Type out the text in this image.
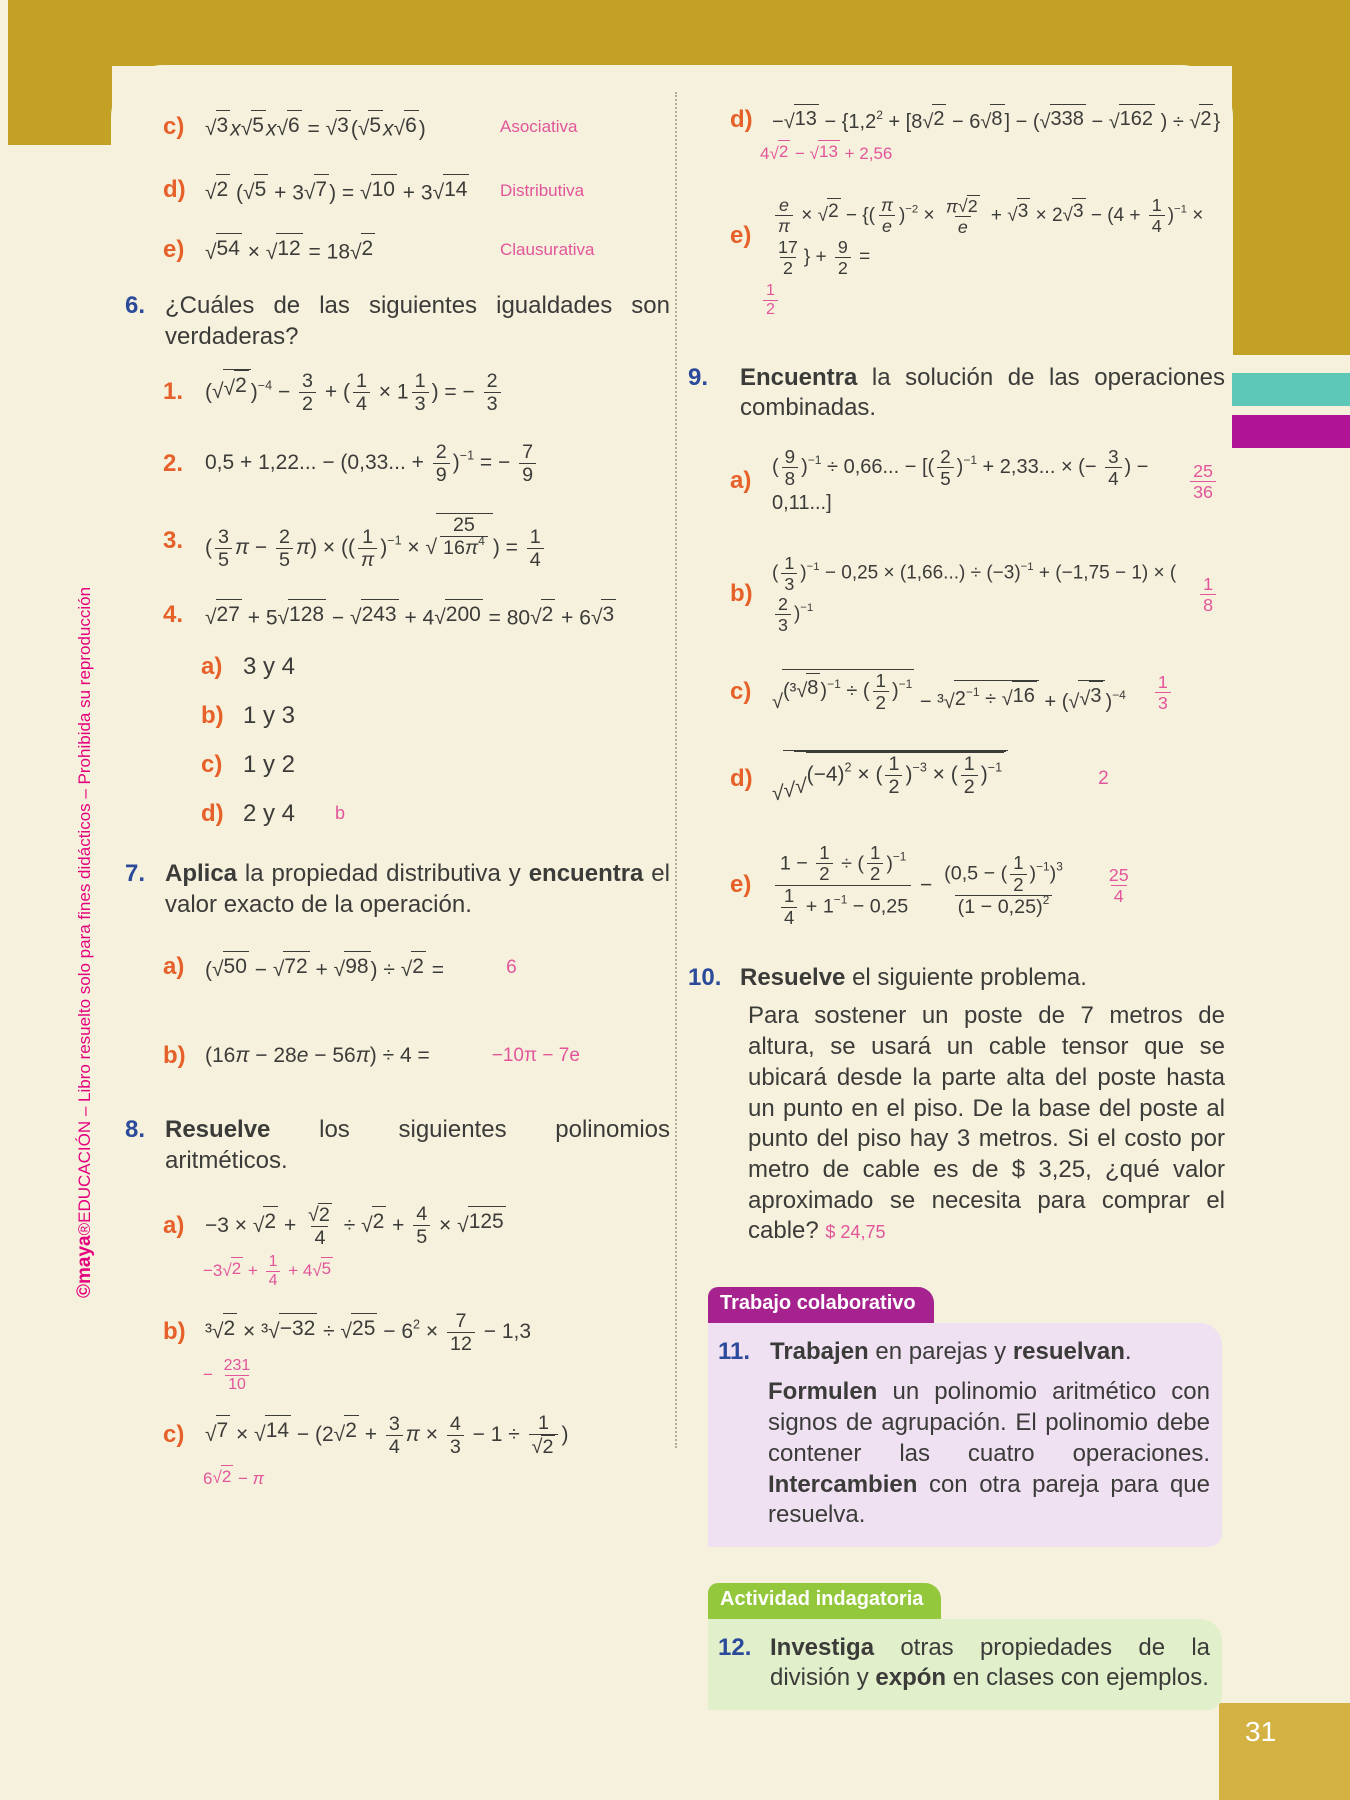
©maya®EDUCACIÓN – Libro resuelto solo para fines didácticos – Prohibida su reproducción
31
c) √ 3 x √ 5 x √ 6 = √ 3 ( √ 5 x √ 6 )	Asociativa
d) √ 2 ( √ 5 + 3 √ 7 ) = √ 10 + 3 √ 14 Distributiva
e) √ 54 × √ 12 = 18 √ 2	Clausurativa
6. ¿Cuáles de las siguientes igualdades son verdaderas?
1.	( √ √ 2 )$^{-4} - \frac{3}{2}$ + ( $\frac{1}{4} \times 1 \frac{1}{3}$ ) = − $\frac{2}{3}$
2.	0,5 + 1,22... − (0,33... + $\frac{2}{9} )^{-1}$ = − $\frac{7}{9}$
3.	( $\frac{3}{5}$ $\pi - \frac{2}{5} \pi$) × (( $\frac{1}{\pi} )^{-1}$ × √ $\frac{25}{16\pi^4}$ ) = $\frac{1}{4}$
4.	√ 27 + 5 √ 128 − √ 243 + 4 √ 200 = 80 √ 2 + 6 √ 3
a) 3 y 4
b) 1 y 3
c) 1 y 2
d) 2 y 4 b
7. Aplica la propiedad distributiva y encuentra el valor exacto de la operación.
a) ( √ 50 − √ 72 + √ 98 ) ÷ √ 2 =	6
b) (16π − 28e − 56π) ÷ 4 =	−10π − 7e
8. Resuelve los siguientes polinomios aritméticos.
a) −3 × √ $2 + \frac{√ 2}{4}$ ÷ √ $2 + \frac{4}{5}$ × √ 125
−3 √ $2 + \frac{1}{4} + 4$ √ 5
b) ³ √ 2 × ³ √ −32 ÷ √ $25 - 6^2 \times \frac{7}{12} - 1,3$
− $\frac{231}{10}$
c) √ 7 × √ 14 − (2 √ $2 + \frac{3}{4}$ $\pi \times \frac{4}{3} - 1 \div \frac{1}{√ 2}$ )
6 √ 2 − π
d) − √ $13 - \{1,2^2 + [8$ √ 2 − 6 √ 8 ] − ( √ 338 − √ 162 ) ÷ √ 2 }
4 √ 2 − √ 13 + 2,56
e)	$\frac{e}{\pi}$ × √ 2 − {( $\frac{\pi}{e} )^{-2} \times \frac{\pi √ 2}{e}$ + √ 3 × 2 √ $3 - (4 + \frac{1}{4} )^{-1}$ ×
$\frac{17}{2}$ } + $\frac{9}{2}$ =
$\frac{1}{2}$
9.	Encuentra la solución de las operaciones combinadas.
a)
( $\frac{9}{8} )^{-1} \div 0,66$... − [( $\frac{2}{5} )^{-1} + 2,33$... × (− $\frac{3}{4}$ ) − 0,11...]
$\frac{25}{36}$
b)
( $\frac{1}{3} )^{-1} - 0,25 \times (1,66...) \div (-3)^{-1} + (-1,75 - 1)$ × (
$\frac{2}{3} )^{-1}$	$\frac{1}{8}$
c)	√
(³ √ 8 )$^{-1}$ ÷ ( $\frac{1}{2} )^{-1}$
− ³ √ $2^{-1}$ ÷ √ 16 + ( √ √ 3 )$^{-4} \frac{1}{3}$
d)
√ √ √
$(-4)^2$ × ( $\frac{1}{2} )^{-3}$ × ( $\frac{1}{2} )^{-1}$
2
e)	$\frac{1 - \frac{1}{2} \div ( \frac{1}{2} )^{-1}}{\frac{1}{4} + 1^{-1} - 0,25} - \frac{(0,5 - ( \frac{1}{2} )^{-1})^3}{(1 - 0,25)^2} \frac{25}{4}$
10. Resuelve el siguiente problema.
Para sostener un poste de 7 metros de altura, se usará un cable tensor que se ubicará desde la parte alta del poste hasta un punto en el piso. De la base del poste al punto del piso hay 3 metros. Si el costo por metro de cable es de $ 3,25, ¿qué valor aproximado se necesita para comprar el cable? $ 24,75
Trabajo colaborativo
11. Trabajen en parejas y resuelvan.
Formulen un polinomio aritmético con signos de agrupación. El polinomio debe contener las cuatro operaciones. Intercambien con otra pareja para que resuelva.
Actividad indagatoria
12. Investiga otras propiedades de la división y expón en clases con ejemplos.
